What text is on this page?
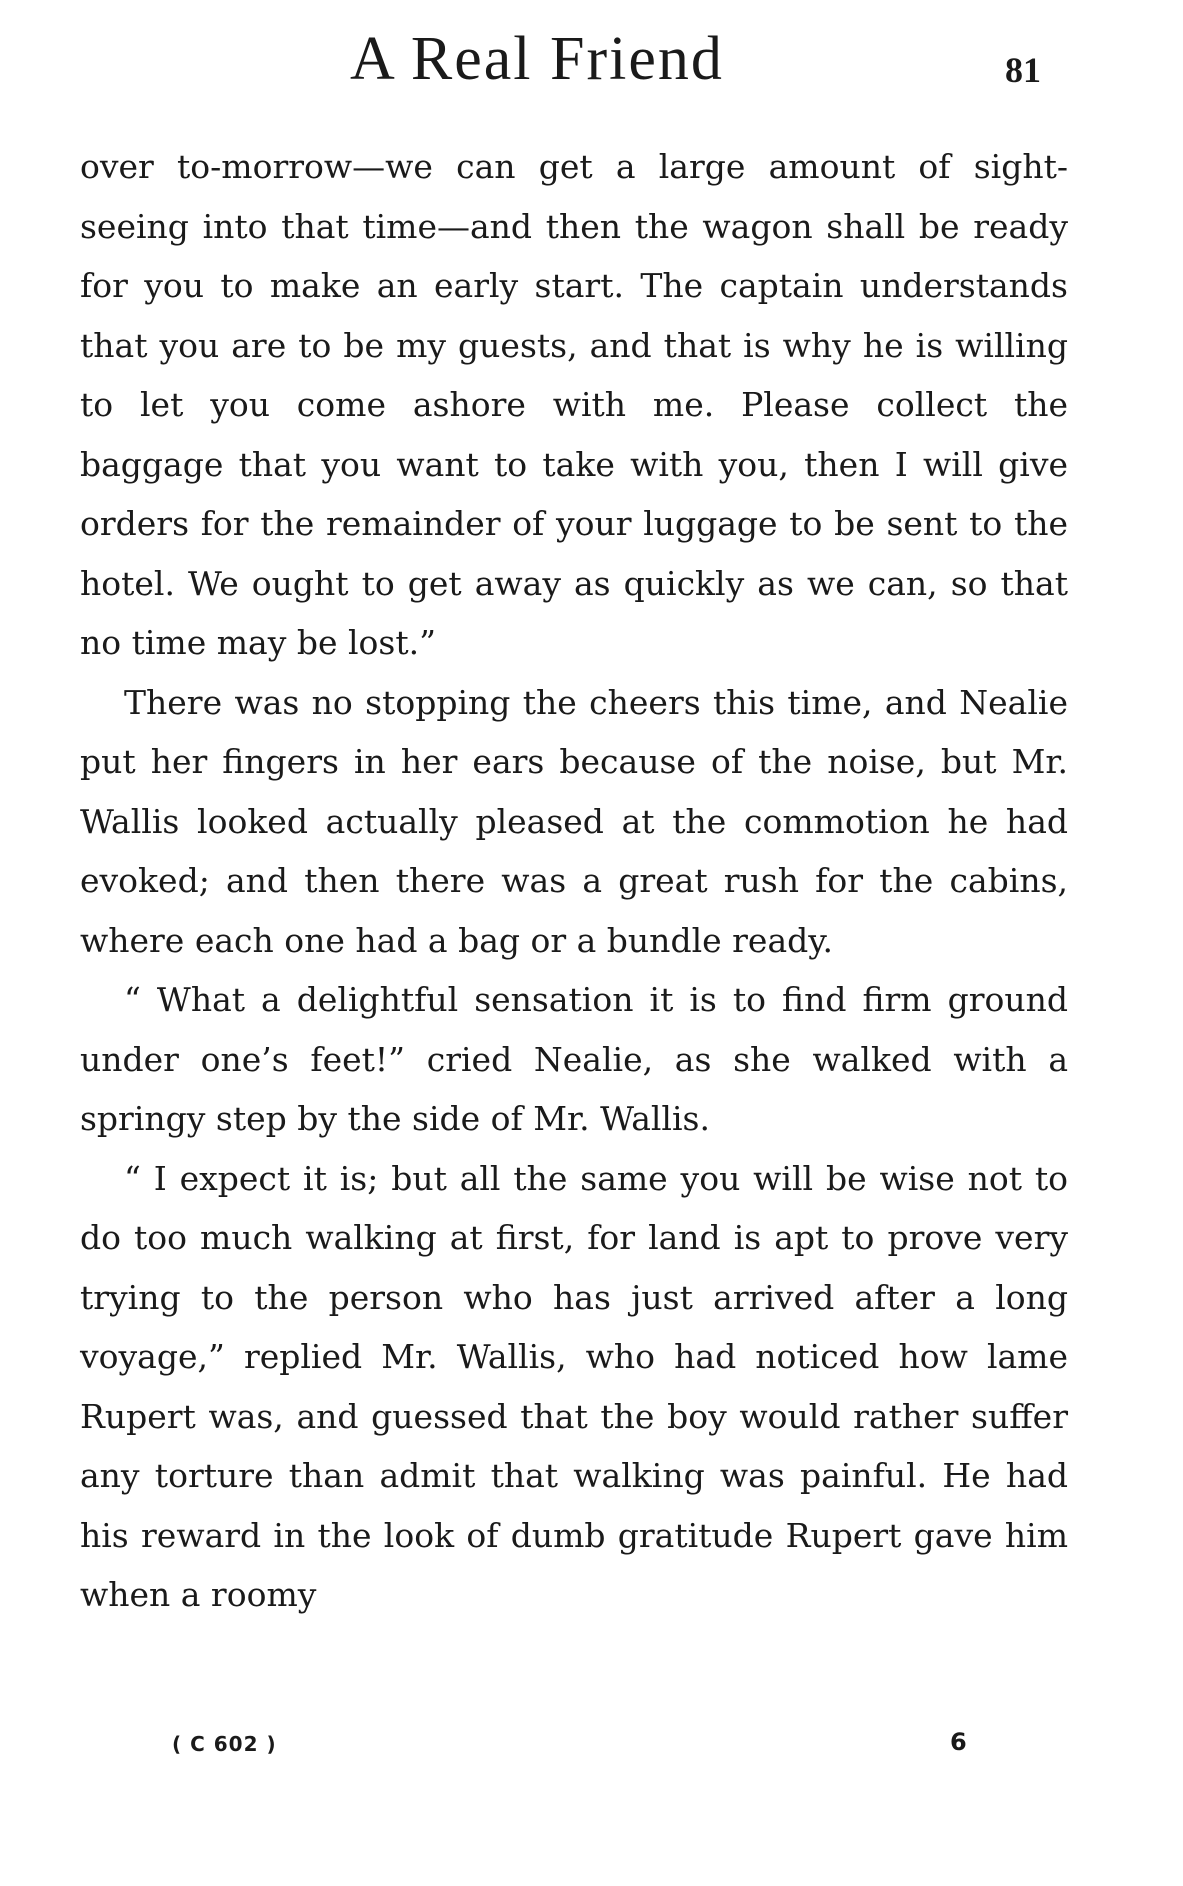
A Real Friend	81

over to-morrow—we can get a large amount of sight-seeing into that time—and then the wagon shall be ready for you to make an early start. The captain understands that you are to be my guests, and that is why he is willing to let you come ashore with me. Please collect the baggage that you want to take with you, then I will give orders for the remainder of your luggage to be sent to the hotel. We ought to get away as quickly as we can, so that no time may be lost.”

There was no stopping the cheers this time, and Nealie put her fingers in her ears because of the noise, but Mr. Wallis looked actually pleased at the commotion he had evoked; and then there was a great rush for the cabins, where each one had a bag or a bundle ready.

“ What a delightful sensation it is to find firm ground under one’s feet!” cried Nealie, as she walked with a springy step by the side of Mr. Wallis.

“ I expect it is; but all the same you will be wise not to do too much walking at first, for land is apt to prove very trying to the person who has just arrived after a long voyage,” replied Mr. Wallis, who had noticed how lame Rupert was, and guessed that the boy would rather suffer any torture than admit that walking was painful. He had his reward in the look of dumb gratitude Rupert gave him when a roomy

( C 602 )	6
